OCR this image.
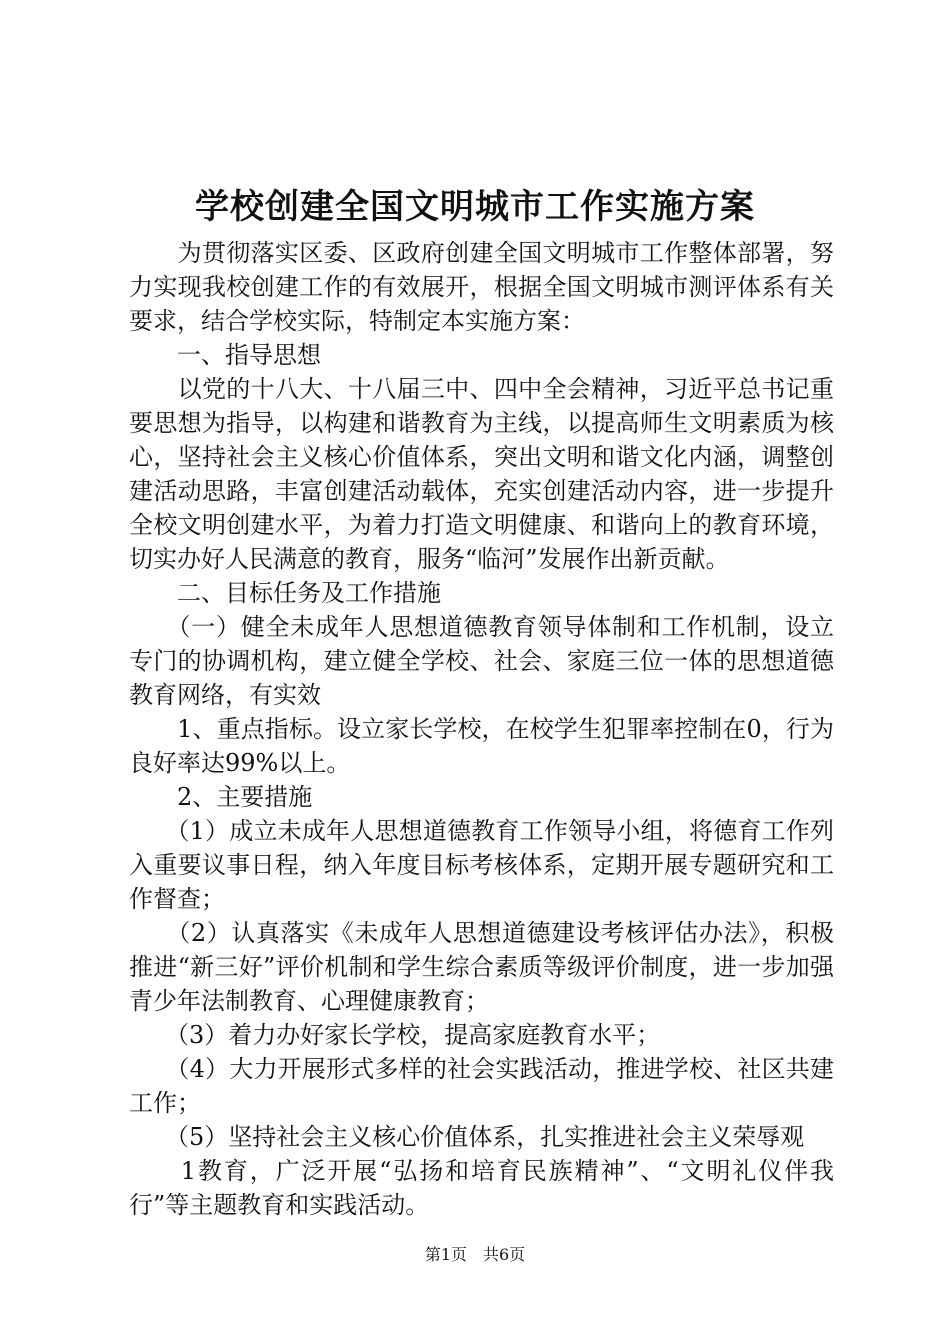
学校创建全国文明城市工作实施方案

　　为贯彻落实区委、区政府创建全国文明城市工作整体部署，努力实现我校创建工作的有效展开，根据全国文明城市测评体系有关要求，结合学校实际，特制定本实施方案：

　　一、指导思想

　　以党的十八大、十八届三中、四中全会精神，习近平总书记重要思想为指导，以构建和谐教育为主线，以提高师生文明素质为核心，坚持社会主义核心价值体系，突出文明和谐文化内涵，调整创建活动思路，丰富创建活动载体，充实创建活动内容，进一步提升全校文明创建水平，为着力打造文明健康、和谐向上的教育环境，切实办好人民满意的教育，服务“临河”发展作出新贡献。

　　二、目标任务及工作措施

　　（一）健全未成年人思想道德教育领导体制和工作机制，设立专门的协调机构，建立健全学校、社会、家庭三位一体的思想道德教育网络，有实效

　　1、重点指标。设立家长学校，在校学生犯罪率控制在0，行为良好率达99%以上。

　　2、主要措施

　　（1）成立未成年人思想道德教育工作领导小组，将德育工作列入重要议事日程，纳入年度目标考核体系，定期开展专题研究和工作督查；

　　（2）认真落实《未成年人思想道德建设考核评估办法》，积极推进“新三好”评价机制和学生综合素质等级评价制度，进一步加强青少年法制教育、心理健康教育；

　　（3）着力办好家长学校，提高家庭教育水平；

　　（4）大力开展形式多样的社会实践活动，推进学校、社区共建工作；

　　（5）坚持社会主义核心价值体系，扎实推进社会主义荣辱观

　　1教育，广泛开展“弘扬和培育民族精神”、“文明礼仪伴我行”等主题教育和实践活动。

第1页　共6页
